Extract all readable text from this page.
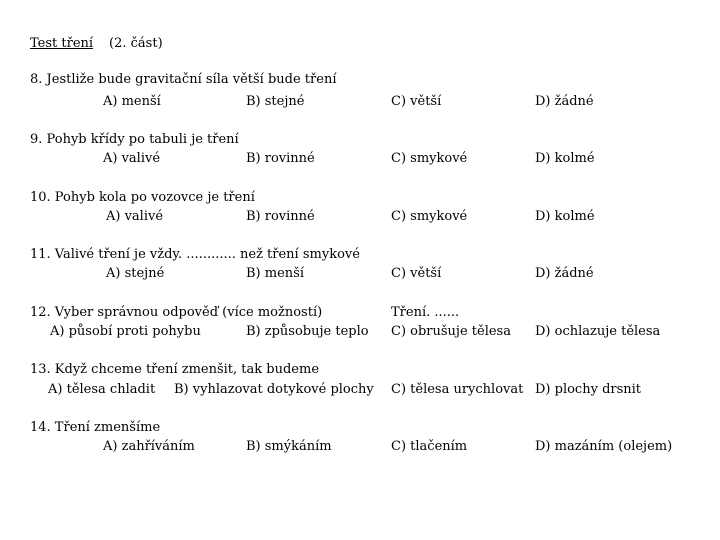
Test tření (2. část)
8. Jestliže bude gravitační síla větší bude tření
A) menší	B) stejné	C) větší	D) žádné
9. Pohyb křídy po tabuli je tření
A) valivé	B) rovinné	C) smykové	D) kolmé
10. Pohyb kola po vozovce je tření
A) valivé	B) rovinné	C) smykové	D) kolmé
11. Valivé tření je vždy. ............ než tření smykové
A) stejné	B) menší	C) větší	D) žádné
12. Vyber správnou odpověď (více možností)	Tření. ......
A) působí proti pohybu	B) způsobuje teplo C) obrušuje tělesa D) ochlazuje tělesa
13. Když chceme tření zmenšit, tak budeme
A) tělesa chladit B) vyhlazovat dotykové plochy C) tělesa urychlovat D) plochy drsnit
14. Tření zmenšíme
A) zahříváním	B) smýkáním	C) tlačením	D) mazáním (olejem)
